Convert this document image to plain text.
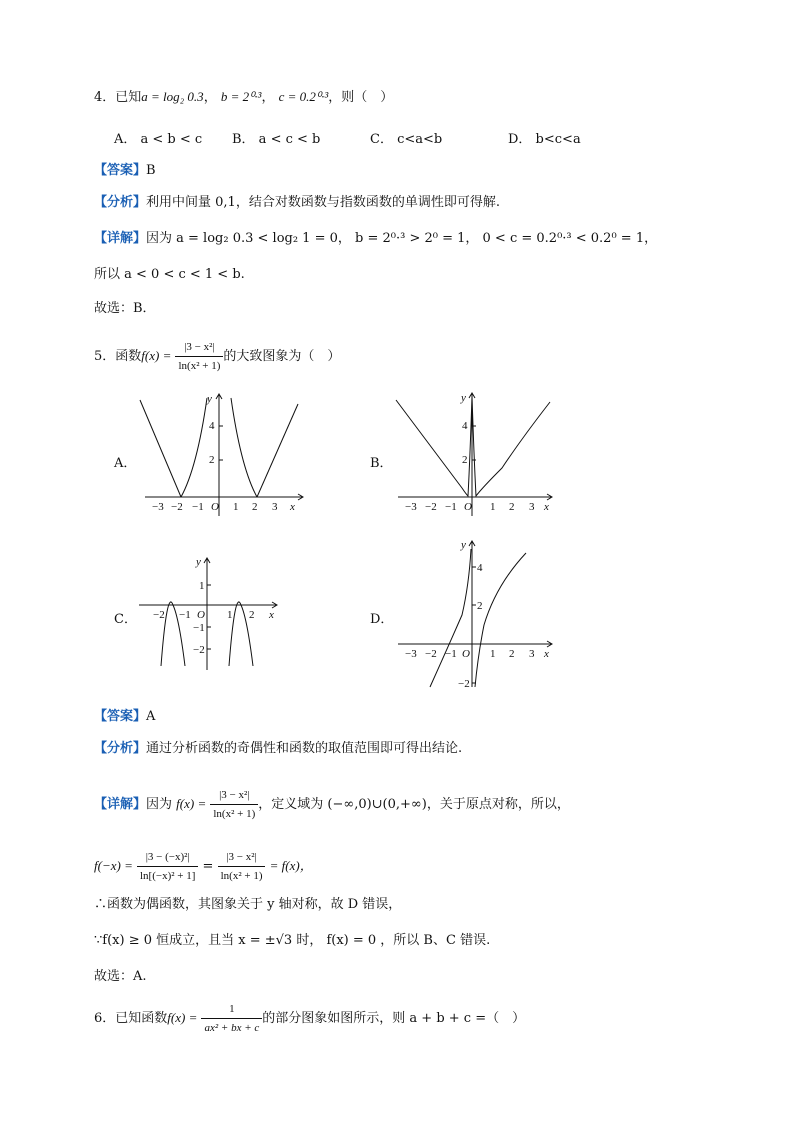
4．已知a = log₂ 0.3， b = 2⁰·³， c = 0.2⁰·³，则（　）
A． a < b < c B． a < c < b	C． c<a<b	D． b<c<a
【答案】B
【分析】利用中间量 0,1，结合对数函数与指数函数的单调性即可得解.
【详解】因为 a = log₂ 0.3 < log₂ 1 = 0， b = 2⁰·³ > 2⁰ = 1， 0 < c = 0.2⁰·³ < 0.2⁰ = 1，
所以 a < 0 < c < 1 < b.
故选：B．
5．函数$f(x) = \frac{\text{|3 − x²|}}{\text{ln(x² + 1)}}$ 的大致图象为（　）
A．	B．
C．	D．
−3 −2 −1	1 2 3
4
2
O	x
y
−3 −2 −1	1 2 3
4
2
O	x
y
−2 −1	1 2
1
−1
−2
O	x
y
−3 −2 −1	1 2 3
4
2
−2
O	x
y
【答案】A
【分析】通过分析函数的奇偶性和函数的取值范围即可得出结论.
【详解】因为 $f(x) = \frac{\text{|3 − x²|}}{\text{ln(x² + 1)}}$ ，定义域为 (−∞,0)∪(0,+∞)，关于原点对称，所以，
$f(-x) = \frac{\text{|3 − (−x)²|}}{\text{ln[(−x)² + 1]}} = \frac{\text{|3 − x²|}}{\text{ln(x² + 1)}} = f(x)$，
∴函数为偶函数，其图象关于 y 轴对称，故 D 错误，
∵f(x) ≥ 0 恒成立，且当 x = ±√3 时， f(x) = 0 ，所以 B、C 错误.
故选：A.
6．已知函数$f(x) = \frac{1}{\text{ax² + bx + c}}$ 的部分图象如图所示，则 a + b + c =（　）
